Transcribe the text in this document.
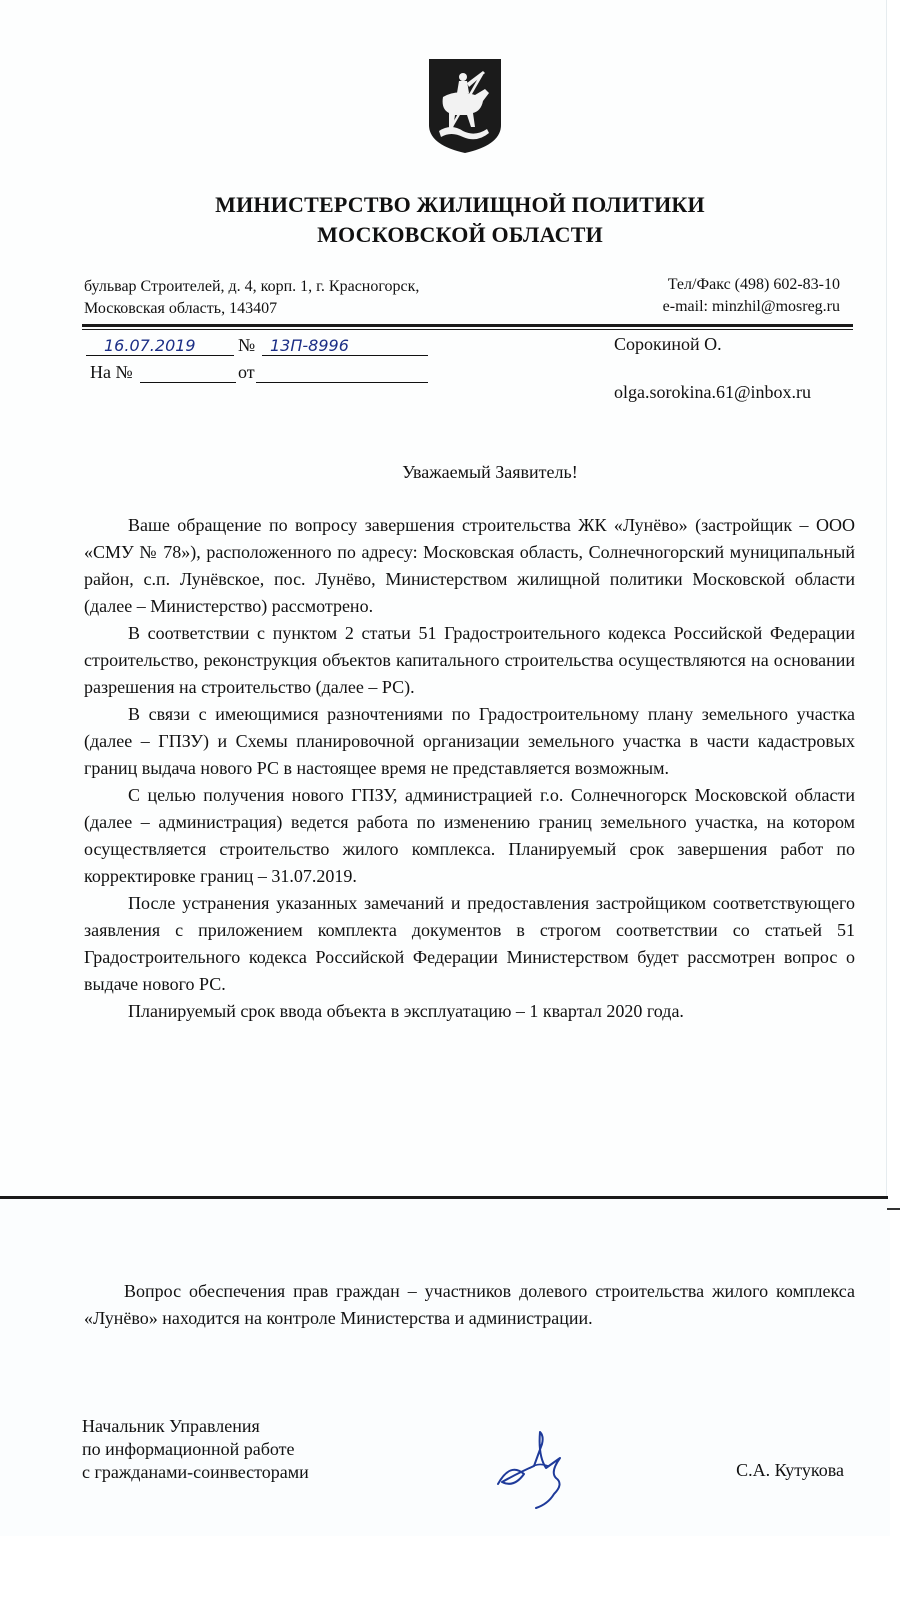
МИНИСТЕРСТВО ЖИЛИЩНОЙ ПОЛИТИКИ
МОСКОВСКОЙ ОБЛАСТИ
бульвар Строителей, д. 4, корп. 1, г. Красногорск,
Московская область, 143407
Тел/Факс (498) 602-83-10
e-mail: minzhil@mosreg.ru
16.07.2019 № 13П-8996
На №	от
Сорокиной О.
olga.sorokina.61@inbox.ru
Уважаемый Заявитель!

Ваше обращение по вопросу завершения строительства ЖК «Лунёво» (застройщик – ООО «СМУ № 78»), расположенного по адресу: Московская область, Солнечногорский муниципальный район, с.п. Лунёвское, пос. Лунёво, Министерством жилищной политики Московской области (далее – Министерство) рассмотрено.

В соответствии с пунктом 2 статьи 51 Градостроительного кодекса Российской Федерации строительство, реконструкция объектов капитального строительства осуществляются на основании разрешения на строительство (далее – РС).

В связи с имеющимися разночтениями по Градостроительному плану земельного участка (далее – ГПЗУ) и Схемы планировочной организации земельного участка в части кадастровых границ выдача нового РС в настоящее время не представляется возможным.

С целью получения нового ГПЗУ, администрацией г.о. Солнечногорск Московской области (далее – администрация) ведется работа по изменению границ земельного участка, на котором осуществляется строительство жилого комплекса. Планируемый срок завершения работ по корректировке границ – 31.07.2019.

После устранения указанных замечаний и предоставления застройщиком соответствующего заявления с приложением комплекта документов в строгом соответствии со статьей 51 Градостроительного кодекса Российской Федерации Министерством будет рассмотрен вопрос о выдаче нового РС.

Планируемый срок ввода объекта в эксплуатацию – 1 квартал 2020 года.

Вопрос обеспечения прав граждан – участников долевого строительства жилого комплекса «Лунёво» находится на контроле Министерства и администрации.

Начальник Управления
по информационной работе
с гражданами-соинвесторами	С.А. Кутукова
